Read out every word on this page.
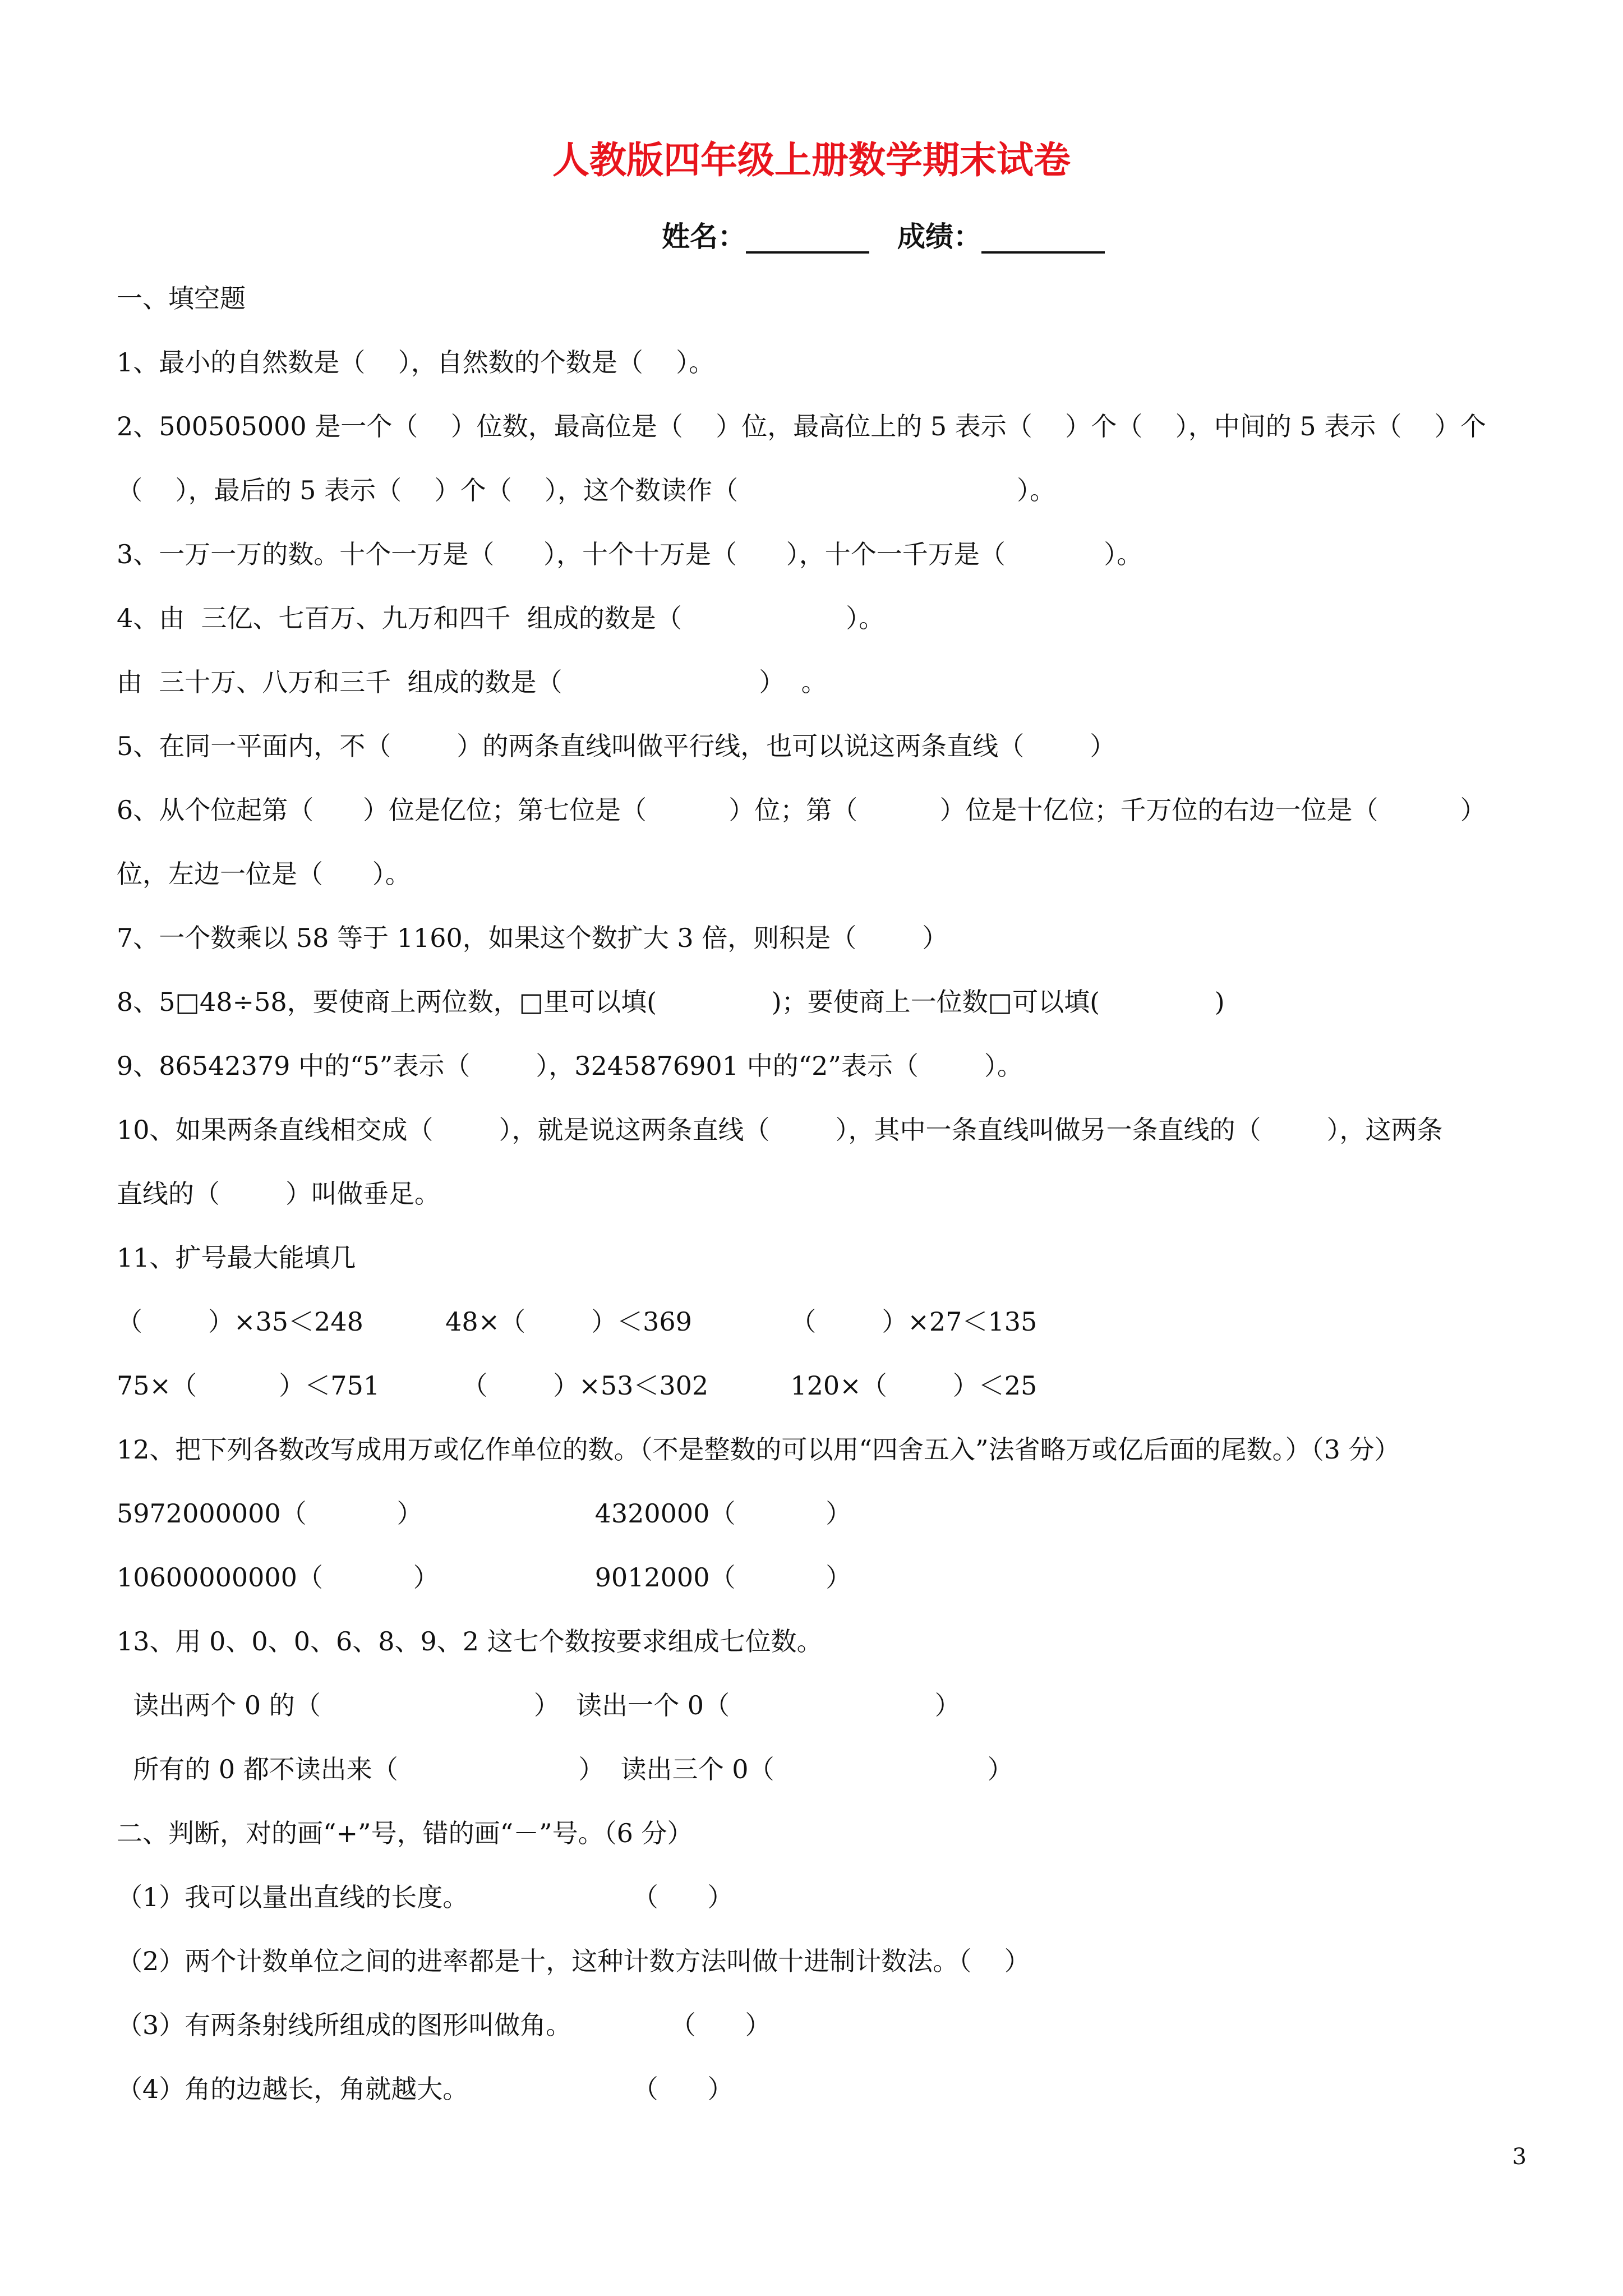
人教版四年级上册数学期末试卷
姓名：	成绩：
一、填空题
1、最小的自然数是（    ），自然数的个数是（    ）。
2、500505000 是一个（    ）位数，最高位是（    ）位，最高位上的 5 表示（    ）个（    ），中间的 5 表示（    ）个
（    ），最后的 5 表示（    ）个（    ），这个数读作（                                  ）。
3、一万一万的数。十个一万是（      ），十个十万是（      ），十个一千万是（            ）。
4、由  三亿、七百万、九万和四千  组成的数是（                    ）。
由  三十万、八万和三千  组成的数是（                        ）  。
5、在同一平面内，不（        ）的两条直线叫做平行线，也可以说这两条直线（        ）
6、从个位起第（      ）位是亿位；第七位是（          ）位；第（          ）位是十亿位；千万位的右边一位是（          ）
位，左边一位是（      ）。
7、一个数乘以 58 等于 1160，如果这个数扩大 3 倍，则积是（        ）
8、5□48÷58，要使商上两位数，□里可以填(              )；要使商上一位数□可以填(              )
9、86542379 中的“5”表示（        ），3245876901 中的“2”表示（        ）。
10、如果两条直线相交成（        ），就是说这两条直线（        ），其中一条直线叫做另一条直线的（        ），这两条
直线的（        ）叫做垂足。
11、扩号最大能填几
（        ）×35＜248          48×（        ）＜369            （        ）×27＜135
75×（          ）＜751          （        ）×53＜302          120×（        ）＜25
12、把下列各数改写成用万或亿作单位的数。（不是整数的可以用“四舍五入”法省略万或亿后面的尾数。）（3 分）
5972000000（           ）                     4320000（           ）
10600000000（           ）                   9012000（           ）
13、用 0、0、0、6、8、9、2 这七个数按要求组成七位数。
读出两个 0 的（                          ）  读出一个 0（                         ）
所有的 0 都不读出来（                      ）  读出三个 0（                          ）
二、判断，对的画“+”号，错的画“－”号。（6 分）
（1）我可以量出直线的长度。                    （      ）
（2）两个计数单位之间的进率都是十，这种计数方法叫做十进制计数法。（    ）
（3）有两条射线所组成的图形叫做角。            （      ）
（4）角的边越长，角就越大。                    （      ）
3
